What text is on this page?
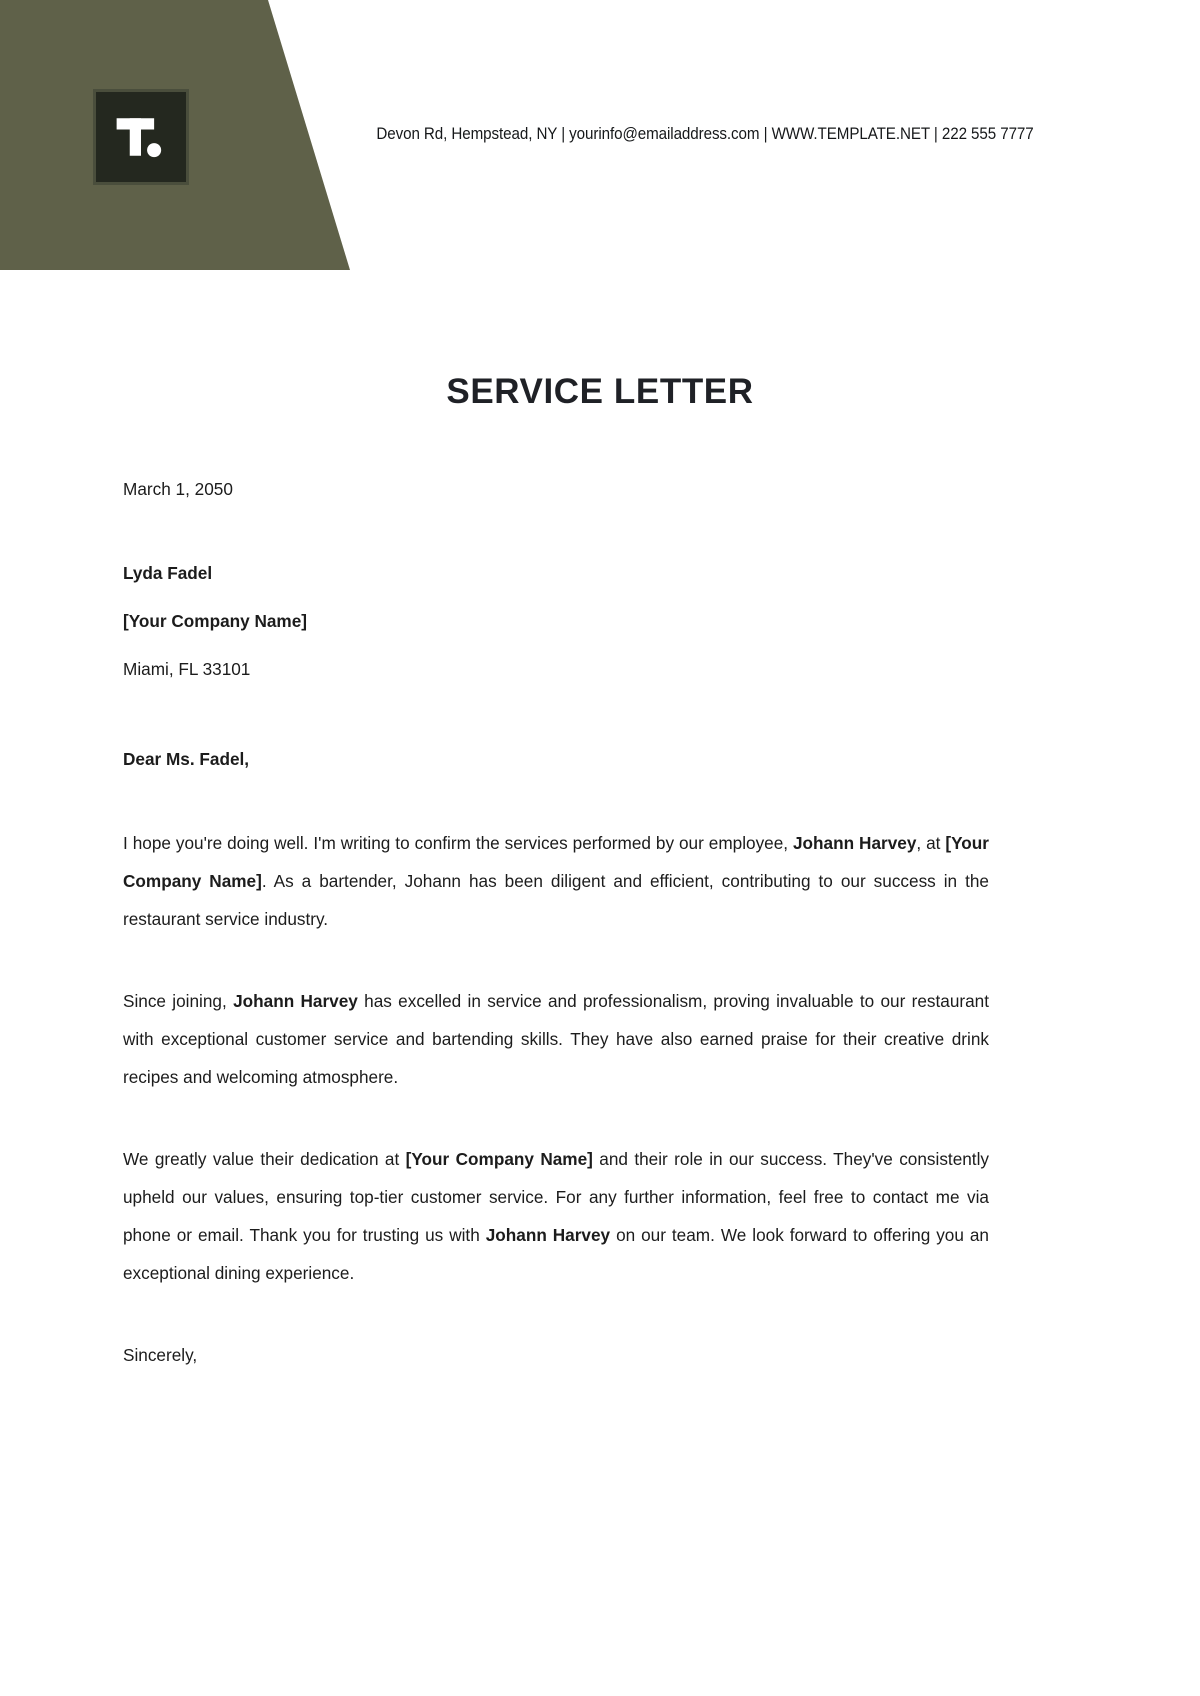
Devon Rd, Hempstead, NY | yourinfo@emailaddress.com | WWW.TEMPLATE.NET | 222 555 7777
SERVICE LETTER
March 1, 2050
Lyda Fadel
[Your Company Name]
Miami, FL 33101
Dear Ms. Fadel,

I hope you're doing well. I'm writing to confirm the services performed by our employee, Johann Harvey, at [Your Company Name]. As a bartender, Johann has been diligent and efficient, contributing to our success in the restaurant service industry.

Since joining, Johann Harvey has excelled in service and professionalism, proving invaluable to our restaurant with exceptional customer service and bartending skills. They have also earned praise for their creative drink recipes and welcoming atmosphere.

We greatly value their dedication at [Your Company Name] and their role in our success. They've consistently upheld our values, ensuring top-tier customer service. For any further information, feel free to contact me via phone or email. Thank you for trusting us with Johann Harvey on our team. We look forward to offering you an exceptional dining experience.

Sincerely,
